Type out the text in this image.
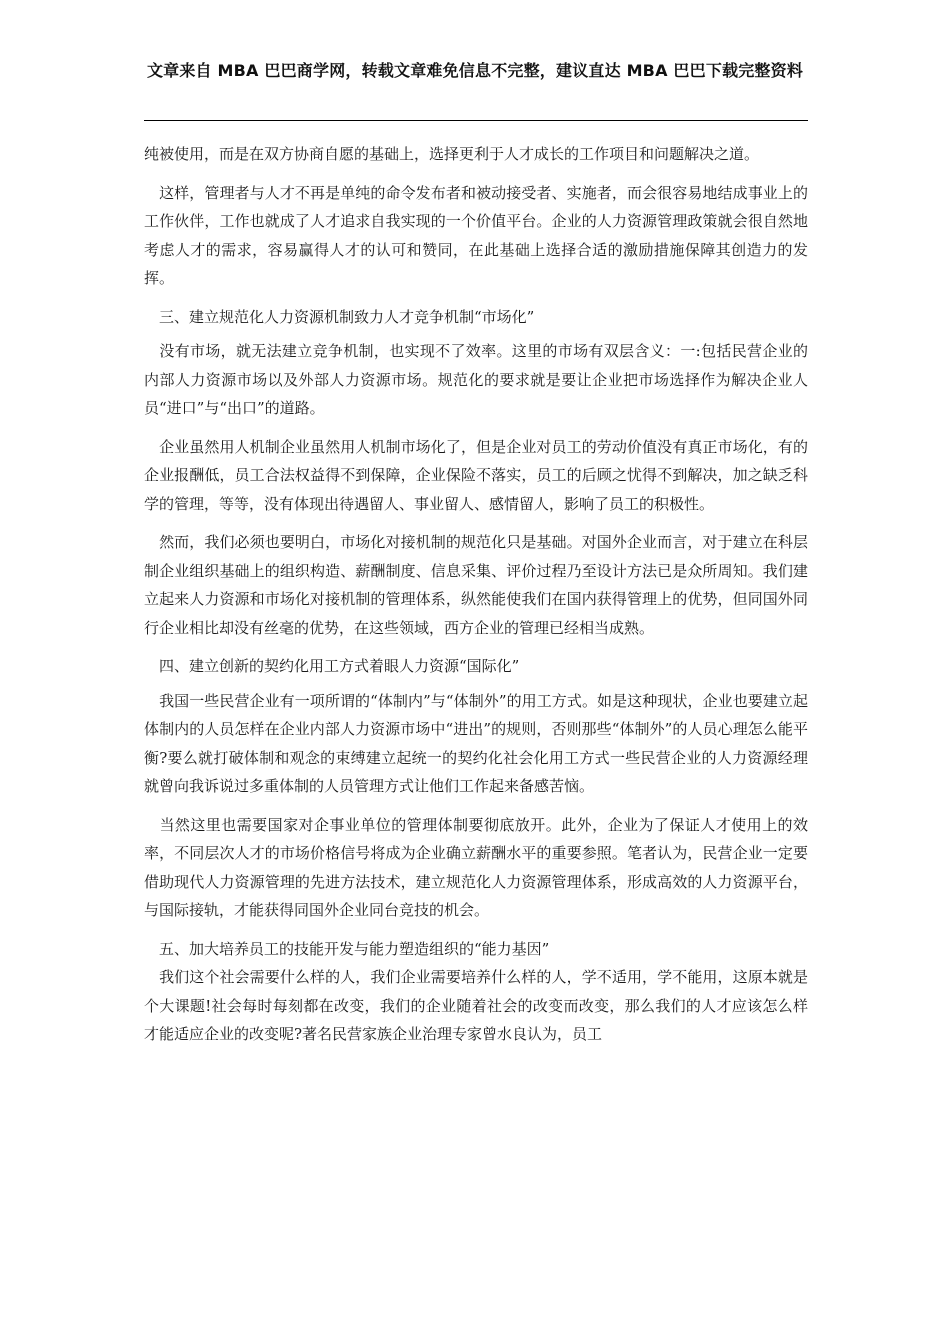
文章来自 MBA 巴巴商学网，转载文章难免信息不完整，建议直达 MBA 巴巴下载完整资料

纯被使用，而是在双方协商自愿的基础上，选择更利于人才成长的工作项目和问题解决之道。

　这样，管理者与人才不再是单纯的命令发布者和被动接受者、实施者，而会很容易地结成事业上的工作伙伴，工作也就成了人才追求自我实现的一个价值平台。企业的人力资源管理政策就会很自然地考虑人才的需求，容易赢得人才的认可和赞同，在此基础上选择合适的激励措施保障其创造力的发挥。

　三、建立规范化人力资源机制致力人才竞争机制“市场化”

　没有市场，就无法建立竞争机制，也实现不了效率。这里的市场有双层含义：一:包括民营企业的内部人力资源市场以及外部人力资源市场。规范化的要求就是要让企业把市场选择作为解决企业人员“进口”与“出口”的道路。

　企业虽然用人机制企业虽然用人机制市场化了，但是企业对员工的劳动价值没有真正市场化，有的企业报酬低，员工合法权益得不到保障，企业保险不落实，员工的后顾之忧得不到解决，加之缺乏科学的管理，等等，没有体现出待遇留人、事业留人、感情留人，影响了员工的积极性。

　然而，我们必须也要明白，市场化对接机制的规范化只是基础。对国外企业而言，对于建立在科层制企业组织基础上的组织构造、薪酬制度、信息采集、评价过程乃至设计方法已是众所周知。我们建立起来人力资源和市场化对接机制的管理体系，纵然能使我们在国内获得管理上的优势，但同国外同行企业相比却没有丝毫的优势，在这些领域，西方企业的管理已经相当成熟。

　四、建立创新的契约化用工方式着眼人力资源“国际化”

　我国一些民营企业有一项所谓的“体制内”与“体制外”的用工方式。如是这种现状，企业也要建立起体制内的人员怎样在企业内部人力资源市场中“进出”的规则，否则那些“体制外”的人员心理怎么能平衡?要么就打破体制和观念的束缚建立起统一的契约化社会化用工方式一些民营企业的人力资源经理就曾向我诉说过多重体制的人员管理方式让他们工作起来备感苦恼。

　当然这里也需要国家对企事业单位的管理体制要彻底放开。此外，企业为了保证人才使用上的效率，不同层次人才的市场价格信号将成为企业确立薪酬水平的重要参照。笔者认为，民营企业一定要借助现代人力资源管理的先进方法技术，建立规范化人力资源管理体系，形成高效的人力资源平台，与国际接轨，才能获得同国外企业同台竞技的机会。

　五、加大培养员工的技能开发与能力塑造组织的“能力基因”

　我们这个社会需要什么样的人，我们企业需要培养什么样的人，学不适用，学不能用，这原本就是个大课题!社会每时每刻都在改变，我们的企业随着社会的改变而改变，那么我们的人才应该怎么样才能适应企业的改变呢?著名民营家族企业治理专家曾水良认为，员工
